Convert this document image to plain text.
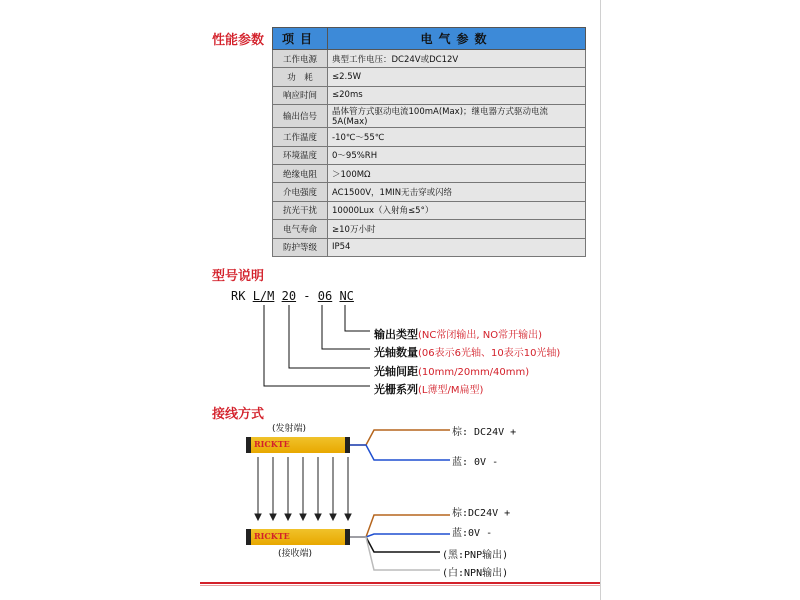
性能参数 项目	电气参数
工作电源	典型工作电压：DC24V或DC12V
功　耗	≤2.5W
响应时间	≤20ms
输出信号	晶体管方式驱动电流100mA(Max)；继电器方式驱动电流5A(Max)
工作温度	-10℃～55℃
环境温度	0～95%RH
绝缘电阻	＞100MΩ
介电强度	AC1500V，1MIN无击穿或闪络
抗光干扰	10000Lux（入射角≤5°）
电气寿命	≥10万小时
防护等级	IP54
型号说明
RK L/M 20 - 06 NC
输出类型(NC常闭输出, NO常开输出)
光轴数量(06表示6光轴、10表示10光轴)
光轴间距(10mm/20mm/40mm)
光栅系列(L薄型/M扁型)
接线方式
(发射端)
RICKTE
棕: DC24V +
蓝: 0V -
RICKTE
(接收端)
棕:DC24V +
蓝:0V -
(黑:PNP输出)
(白:NPN输出)
